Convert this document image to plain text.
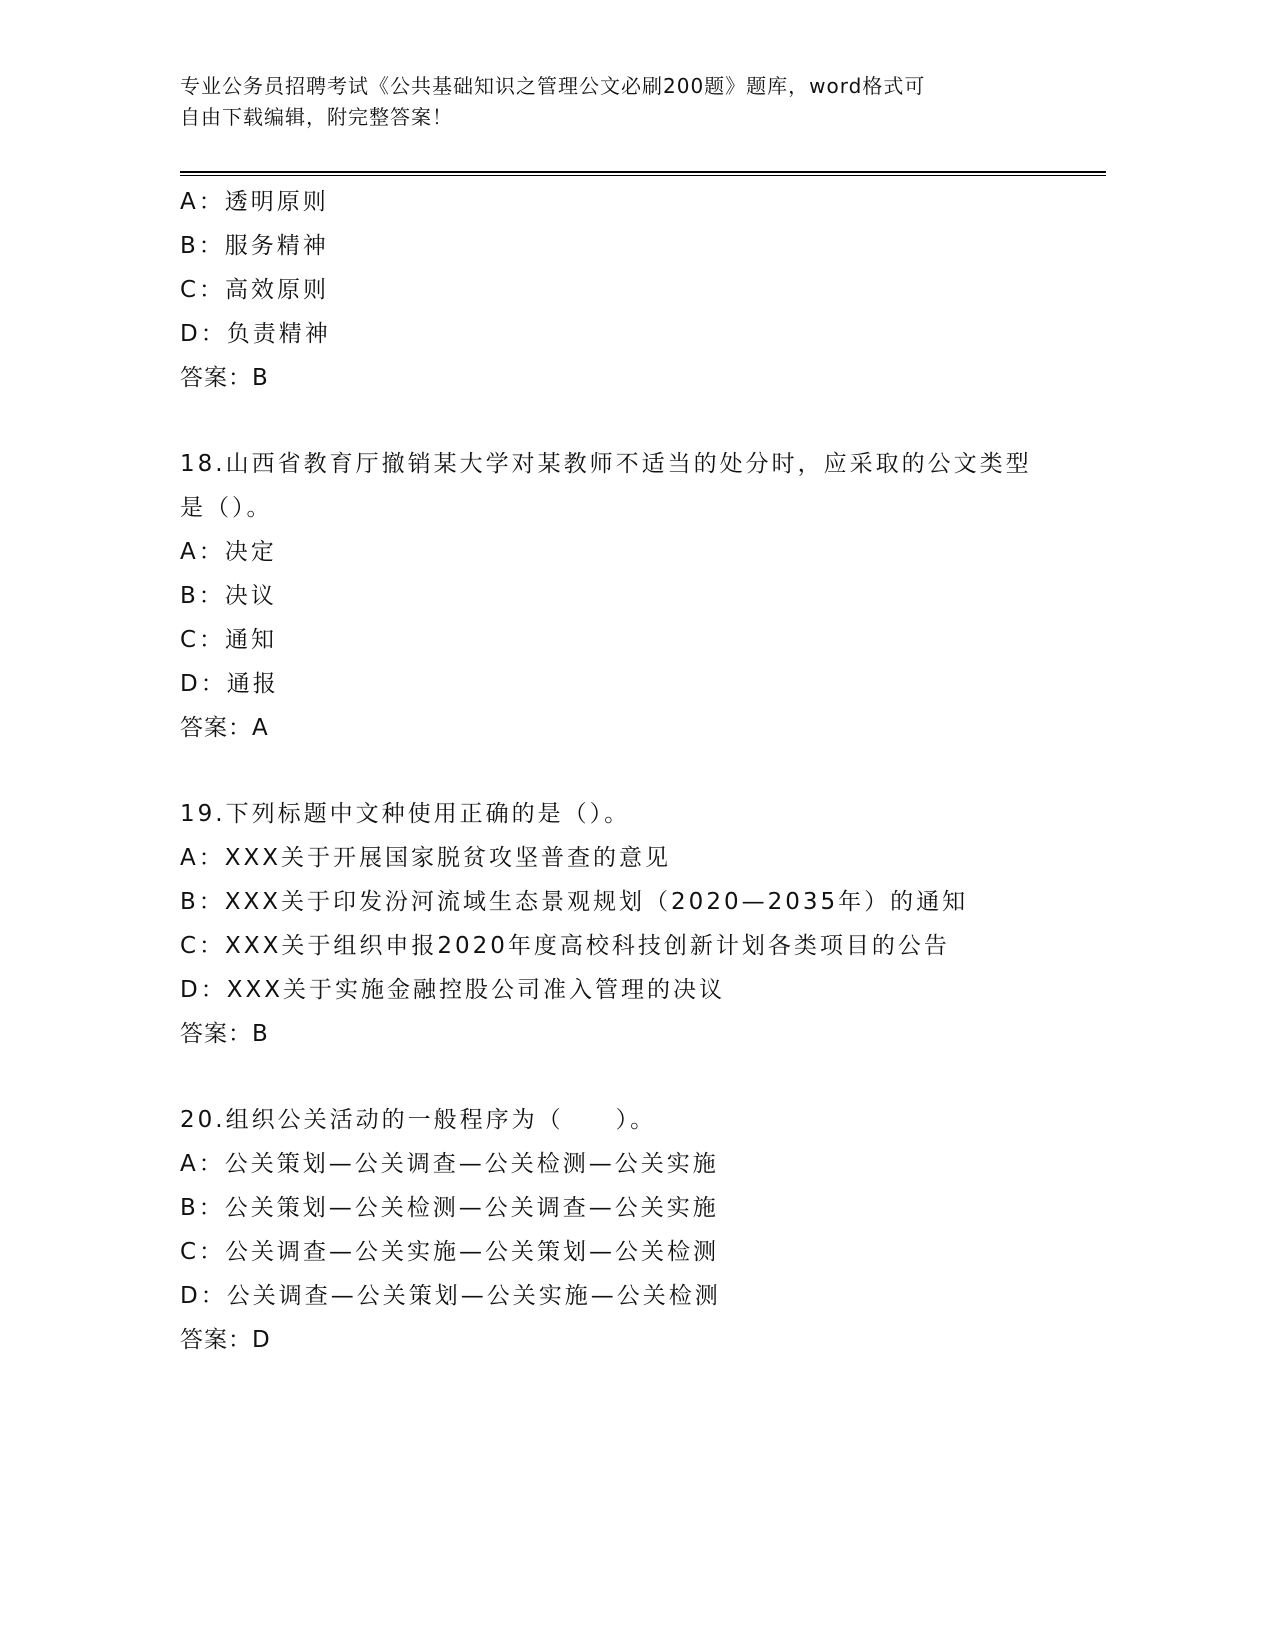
专业公务员招聘考试《公共基础知识之管理公文必刷200题》题库，word格式可
自由下载编辑，附完整答案！
A：透明原则
B：服务精神
C：高效原则
D：负责精神
答案：B
18.山西省教育厅撤销某大学对某教师不适当的处分时，应采取的公文类型是（）。
A：决定
B：决议
C：通知
D：通报
答案：A
19.下列标题中文种使用正确的是（）。
A：XXX关于开展国家脱贫攻坚普查的意见
B：XXX关于印发汾河流域生态景观规划（2020—2035年）的通知
C：XXX关于组织申报2020年度高校科技创新计划各类项目的公告
D：XXX关于实施金融控股公司准入管理的决议
答案：B
20.组织公关活动的一般程序为（　　）。
A：公关策划—公关调查—公关检测—公关实施
B：公关策划—公关检测—公关调查—公关实施
C：公关调查—公关实施—公关策划—公关检测
D：公关调查—公关策划—公关实施—公关检测
答案：D
